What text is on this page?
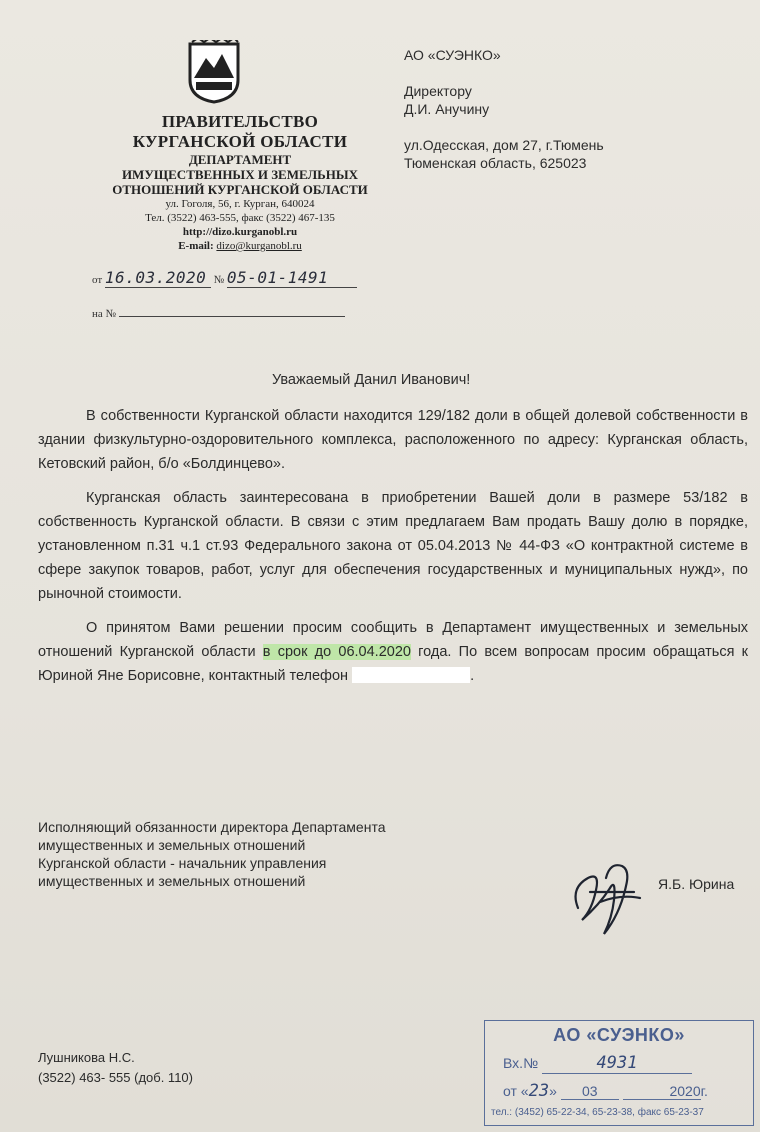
ПРАВИТЕЛЬСТВО
КУРГАНСКОЙ ОБЛАСТИ
ДЕПАРТАМЕНТ
ИМУЩЕСТВЕННЫХ И ЗЕМЕЛЬНЫХ
ОТНОШЕНИЙ КУРГАНСКОЙ ОБЛАСТИ
ул. Гоголя, 56, г. Курган, 640024
Тел. (3522) 463-555, факс (3522) 467-135
http://dizo.kurganobl.ru
E-mail: dizo@kurganobl.ru
АО «СУЭНКО»
Директору
Д.И. Анучину
ул.Одесская, дом 27, г.Тюмень
Тюменская область, 625023
от 16.03.2020 № 05-01-1491
на №
Уважаемый Данил Иванович!

В собственности Курганской области находится 129/182 доли в общей долевой собственности в здании физкультурно-оздоровительного комплекса, расположенного по адресу: Курганская область, Кетовский район, б/о «Болдинцево».

Курганская область заинтересована в приобретении Вашей доли в размере 53/182 в собственность Курганской области. В связи с этим предлагаем Вам продать Вашу долю в порядке, установленном п.31 ч.1 ст.93 Федерального закона от 05.04.2013 № 44-ФЗ «О контрактной системе в сфере закупок товаров, работ, услуг для обеспечения государственных и муниципальных нужд», по рыночной стоимости.

О принятом Вами решении просим сообщить в Департамент имущественных и земельных отношений Курганской области в срок до 06.04.2020 года. По всем вопросам просим обращаться к Юриной Яне Борисовне, контактный телефон	.

Исполняющий обязанности директора Департамента
имущественных и земельных отношений
Курганской области - начальник управления
имущественных и земельных отношений	Я.Б. Юрина
Лушникова Н.С.
(3522) 463- 555 (доб. 110)
АО «СУЭНКО»
Вх.№	4931
от «23» 03	2020г.
тел.: (3452) 65-22-34, 65-23-38, факс 65-23-37
